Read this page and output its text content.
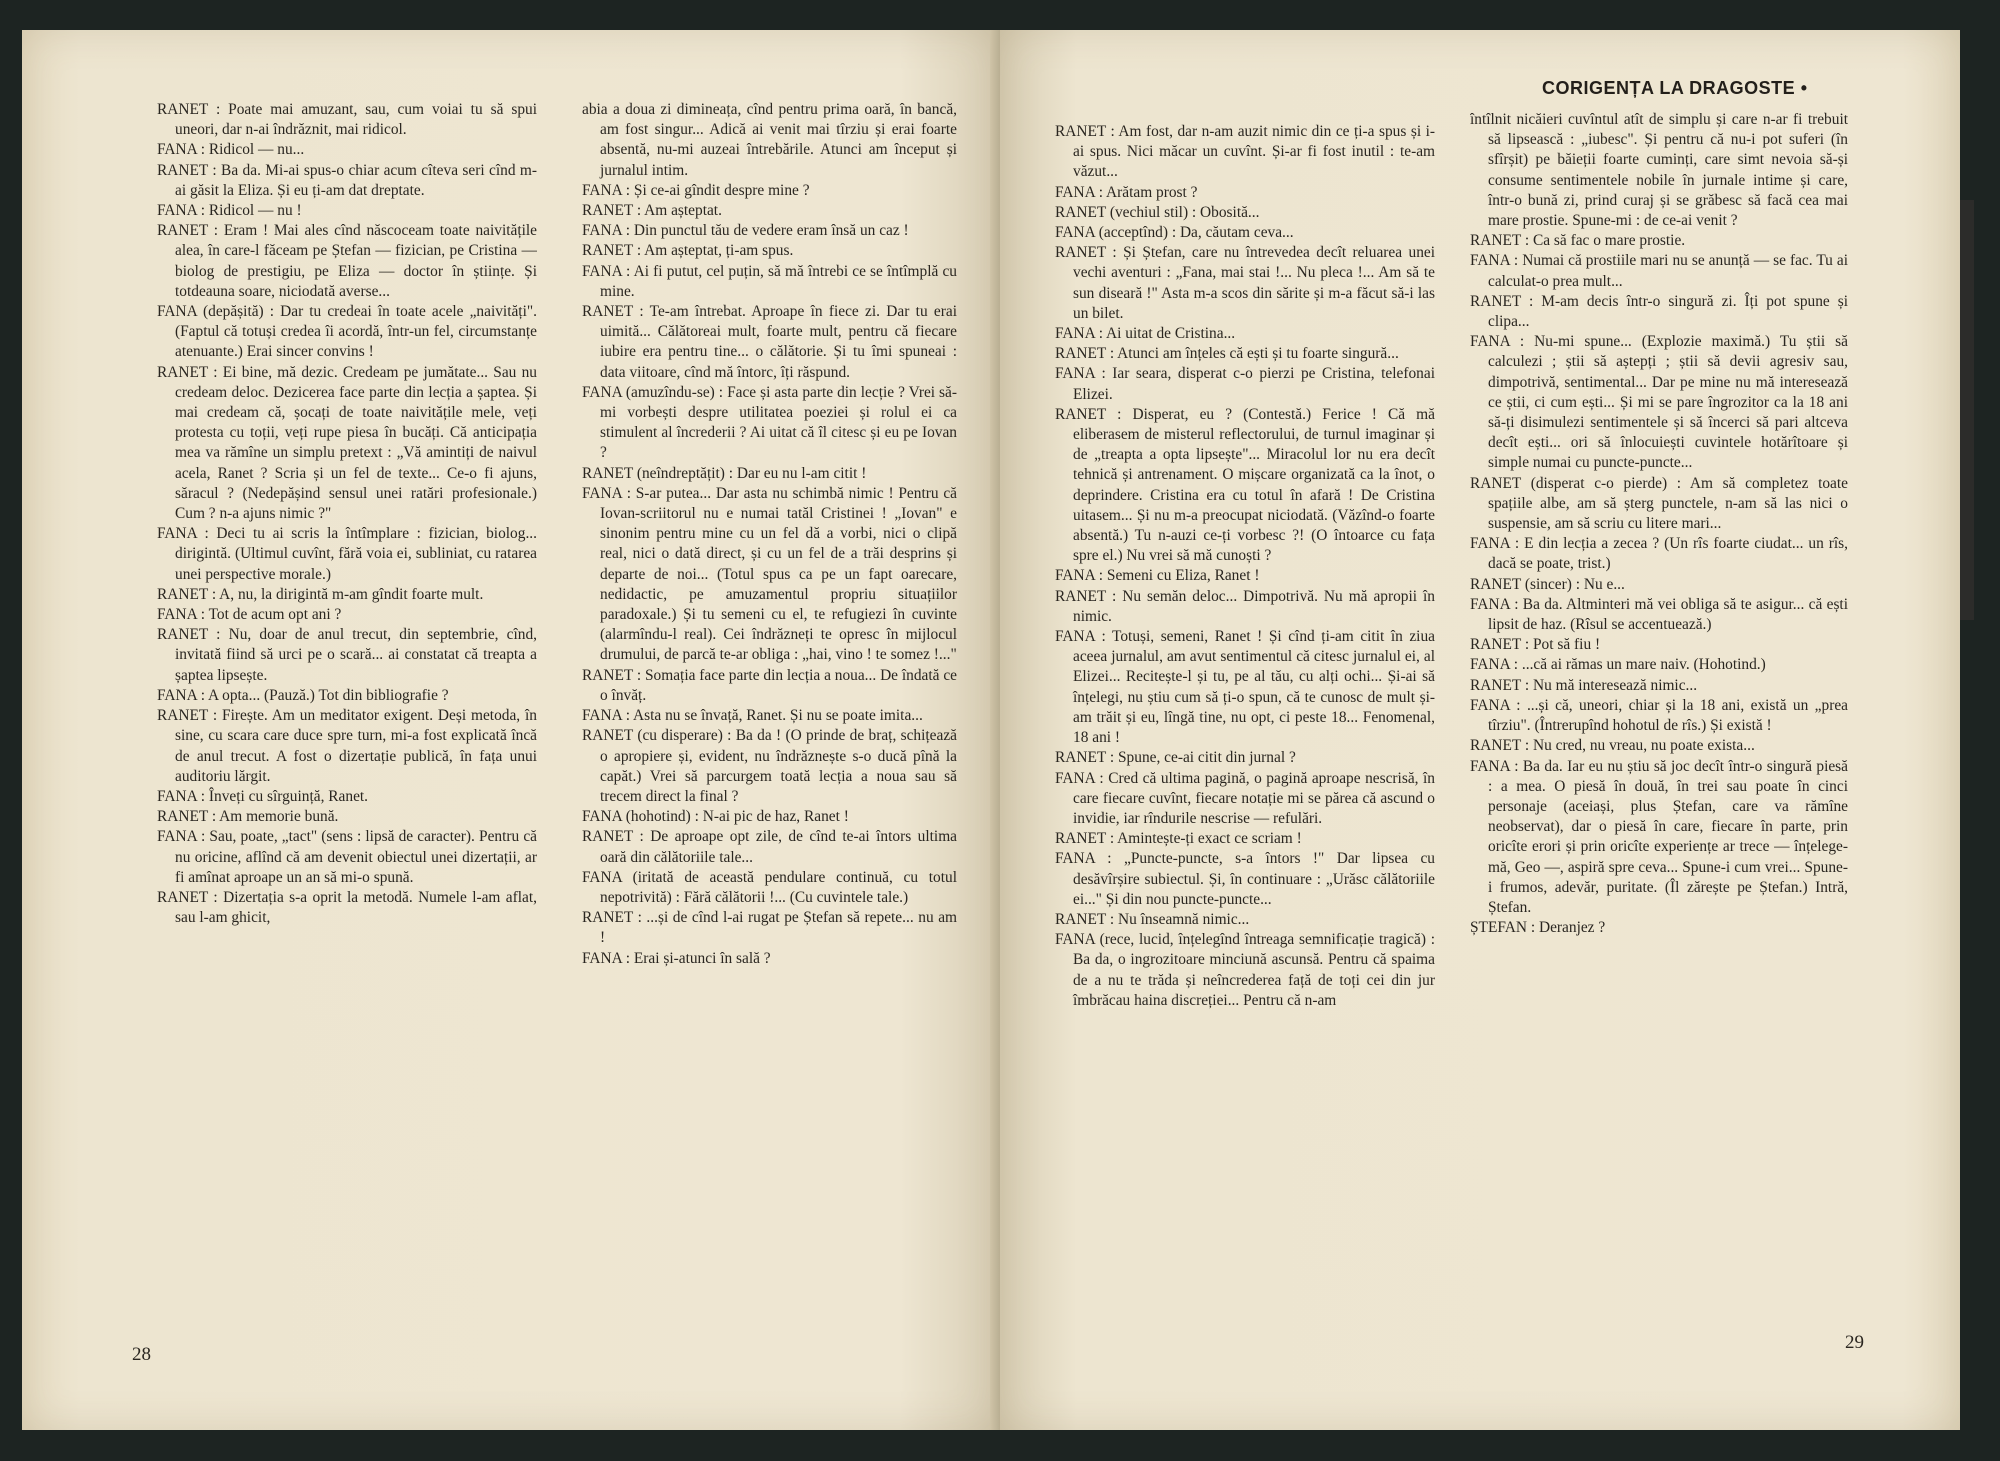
RANET : Poate mai amuzant, sau, cum voiai tu să spui uneori, dar n-ai îndrăznit, mai ridicol.

FANA : Ridicol — nu...

RANET : Ba da. Mi-ai spus-o chiar acum cîteva seri cînd m-ai găsit la Eliza. Și eu ți-am dat dreptate.

FANA : Ridicol — nu !

RANET : Eram ! Mai ales cînd născoceam toate naivitățile alea, în care-l făceam pe Ștefan — fizician, pe Cristina — biolog de prestigiu, pe Eliza — doctor în științe. Și totdeauna soare, niciodată averse...

FANA (depășită) : Dar tu credeai în toate acele „naivități". (Faptul că totuși credea îi acordă, într-un fel, circumstanțe atenuante.) Erai sincer convins !

RANET : Ei bine, mă dezic. Credeam pe jumătate... Sau nu credeam deloc. Dezicerea face parte din lecția a șaptea. Și mai credeam că, șocați de toate naivitățile mele, veți protesta cu toții, veți rupe piesa în bucăți. Că anticipația mea va rămîne un simplu pretext : „Vă amintiți de naivul acela, Ranet ? Scria și un fel de texte... Ce-o fi ajuns, săracul ? (Nedepășind sensul unei ratări profesionale.) Cum ? n-a ajuns nimic ?"

FANA : Deci tu ai scris la întîmplare : fizician, biolog... dirigintă. (Ultimul cuvînt, fără voia ei, subliniat, cu ratarea unei perspective morale.)

RANET : A, nu, la dirigintă m-am gîndit foarte mult.

FANA : Tot de acum opt ani ?

RANET : Nu, doar de anul trecut, din septembrie, cînd, invitată fiind să urci pe o scară... ai constatat că treapta a șaptea lipsește.

FANA : A opta... (Pauză.) Tot din bibliografie ?

RANET : Firește. Am un meditator exigent. Deși metoda, în sine, cu scara care duce spre turn, mi-a fost explicată încă de anul trecut. A fost o dizertație publică, în fața unui auditoriu lărgit.

FANA : Înveți cu sîrguință, Ranet.

RANET : Am memorie bună.

FANA : Sau, poate, „tact" (sens : lipsă de caracter). Pentru că nu oricine, aflînd că am devenit obiectul unei dizertații, ar fi amînat aproape un an să mi-o spună.

RANET : Dizertația s-a oprit la metodă. Numele l-am aflat, sau l-am ghicit,

abia a doua zi dimineața, cînd pentru prima oară, în bancă, am fost singur... Adică ai venit mai tîrziu și erai foarte absentă, nu-mi auzeai întrebările. Atunci am început și jurnalul intim.

FANA : Și ce-ai gîndit despre mine ?

RANET : Am așteptat.

FANA : Din punctul tău de vedere eram însă un caz !

RANET : Am așteptat, ți-am spus.

FANA : Ai fi putut, cel puțin, să mă întrebi ce se întîmplă cu mine.

RANET : Te-am întrebat. Aproape în fiece zi. Dar tu erai uimită... Călătoreai mult, foarte mult, pentru că fiecare iubire era pentru tine... o călătorie. Și tu îmi spuneai : data viitoare, cînd mă întorc, îți răspund.

FANA (amuzîndu-se) : Face și asta parte din lecție ? Vrei să-mi vorbești despre utilitatea poeziei și rolul ei ca stimulent al încrederii ? Ai uitat că îl citesc și eu pe Iovan ?

RANET (neîndreptățit) : Dar eu nu l-am citit !

FANA : S-ar putea... Dar asta nu schimbă nimic ! Pentru că Iovan-scriitorul nu e numai tatăl Cristinei ! „Iovan" e sinonim pentru mine cu un fel dă a vorbi, nici o clipă real, nici o dată direct, și cu un fel de a trăi desprins și departe de noi... (Totul spus ca pe un fapt oarecare, nedidactic, pe amuzamentul propriu situațiilor paradoxale.) Și tu semeni cu el, te refugiezi în cuvinte (alarmîndu-l real). Cei îndrăzneți te opresc în mijlocul drumului, de parcă te-ar obliga : „hai, vino ! te somez !..."

RANET : Somația face parte din lecția a noua... De îndată ce o învăț.

FANA : Asta nu se învață, Ranet. Și nu se poate imita...

RANET (cu disperare) : Ba da ! (O prinde de braț, schițează o apropiere și, evident, nu îndrăznește s-o ducă pînă la capăt.) Vrei să parcurgem toată lecția a noua sau să trecem direct la final ?

FANA (hohotind) : N-ai pic de haz, Ranet !

RANET : De aproape opt zile, de cînd te-ai întors ultima oară din călătoriile tale...

FANA (iritată de această pendulare continuă, cu totul nepotrivită) : Fără călătorii !... (Cu cuvintele tale.)

RANET : ...și de cînd l-ai rugat pe Ștefan să repete... nu am !

FANA : Erai și-atunci în sală ?

28

RANET : Am fost, dar n-am auzit nimic din ce ți-a spus și i-ai spus. Nici măcar un cuvînt. Și-ar fi fost inutil : te-am văzut...

FANA : Arătam prost ?

RANET (vechiul stil) : Obosită...

FANA (acceptînd) : Da, căutam ceva...

RANET : Și Ștefan, care nu întrevedea decît reluarea unei vechi aventuri : „Fana, mai stai !... Nu pleca !... Am să te sun diseară !" Asta m-a scos din sărite și m-a făcut să-i las un bilet.

FANA : Ai uitat de Cristina...

RANET : Atunci am înțeles că ești și tu foarte singură...

FANA : Iar seara, disperat c-o pierzi pe Cristina, telefonai Elizei.

RANET : Disperat, eu ? (Contestă.) Ferice ! Că mă eliberasem de misterul reflectorului, de turnul imaginar și de „treapta a opta lipsește"... Miracolul lor nu era decît tehnică și antrenament. O mișcare organizată ca la înot, o deprindere. Cristina era cu totul în afară ! De Cristina uitasem... Și nu m-a preocupat niciodată. (Văzînd-o foarte absentă.) Tu n-auzi ce-ți vorbesc ?! (O întoarce cu fața spre el.) Nu vrei să mă cunoști ?

FANA : Semeni cu Eliza, Ranet !

RANET : Nu semăn deloc... Dimpotrivă. Nu mă apropii în nimic.

FANA : Totuși, semeni, Ranet ! Și cînd ți-am citit în ziua aceea jurnalul, am avut sentimentul că citesc jurnalul ei, al Elizei... Recitește-l și tu, pe al tău, cu alți ochi... Și-ai să înțelegi, nu știu cum să ți-o spun, că te cunosc de mult și-am trăit și eu, lîngă tine, nu opt, ci peste 18... Fenomenal, 18 ani !

RANET : Spune, ce-ai citit din jurnal ?

FANA : Cred că ultima pagină, o pagină aproape nescrisă, în care fiecare cuvînt, fiecare notație mi se părea că ascund o invidie, iar rîndurile nescrise — refulări.

RANET : Amintește-ți exact ce scriam !

FANA : „Puncte-puncte, s-a întors !" Dar lipsea cu desăvîrșire subiectul. Și, în continuare : „Urăsc călătoriile ei..." Și din nou puncte-puncte...

RANET : Nu înseamnă nimic...

FANA (rece, lucid, înțelegînd întreaga semnificație tragică) : Ba da, o ingrozitoare minciună ascunsă. Pentru că spaima de a nu te trăda și neîncrederea față de toți cei din jur îmbrăcau haina discreției... Pentru că n-am

întîlnit nicăieri cuvîntul atît de simplu și care n-ar fi trebuit să lipsească : „iubesc". Și pentru că nu-i pot suferi (în sfîrșit) pe băieții foarte cuminți, care simt nevoia să-și consume sentimentele nobile în jurnale intime și care, într-o bună zi, prind curaj și se grăbesc să facă cea mai mare prostie. Spune-mi : de ce-ai venit ?

RANET : Ca să fac o mare prostie.

FANA : Numai că prostiile mari nu se anunță — se fac. Tu ai calculat-o prea mult...

RANET : M-am decis într-o singură zi. Îți pot spune și clipa...

FANA : Nu-mi spune... (Explozie maximă.) Tu știi să calculezi ; știi să aștepți ; știi să devii agresiv sau, dimpotrivă, sentimental... Dar pe mine nu mă interesează ce știi, ci cum ești... Și mi se pare îngrozitor ca la 18 ani să-ți disimulezi sentimentele și să încerci să pari altceva decît ești... ori să înlocuiești cuvintele hotărîtoare și simple numai cu puncte-puncte...

RANET (disperat c-o pierde) : Am să completez toate spațiile albe, am să șterg punctele, n-am să las nici o suspensie, am să scriu cu litere mari...

FANA : E din lecția a zecea ? (Un rîs foarte ciudat... un rîs, dacă se poate, trist.)

RANET (sincer) : Nu e...

FANA : Ba da. Altminteri mă vei obliga să te asigur... că ești lipsit de haz. (Rîsul se accentuează.)

RANET : Pot să fiu !

FANA : ...că ai rămas un mare naiv. (Hohotind.)

RANET : Nu mă interesează nimic...

FANA : ...și că, uneori, chiar și la 18 ani, există un „prea tîrziu". (Întrerupînd hohotul de rîs.) Și există !

RANET : Nu cred, nu vreau, nu poate exista...

FANA : Ba da. Iar eu nu știu să joc decît într-o singură piesă : a mea. O piesă în două, în trei sau poate în cinci personaje (aceiași, plus Ștefan, care va rămîne neobservat), dar o piesă în care, fiecare în parte, prin oricîte erori și prin oricîte experiențe ar trece — înțelege-mă, Geo —, aspiră spre ceva... Spune-i cum vrei... Spune-i frumos, adevăr, puritate. (Îl zărește pe Ștefan.) Intră, Ștefan.

ȘTEFAN : Deranjez ?

29
CORIGENȚA LA DRAGOSTE •
